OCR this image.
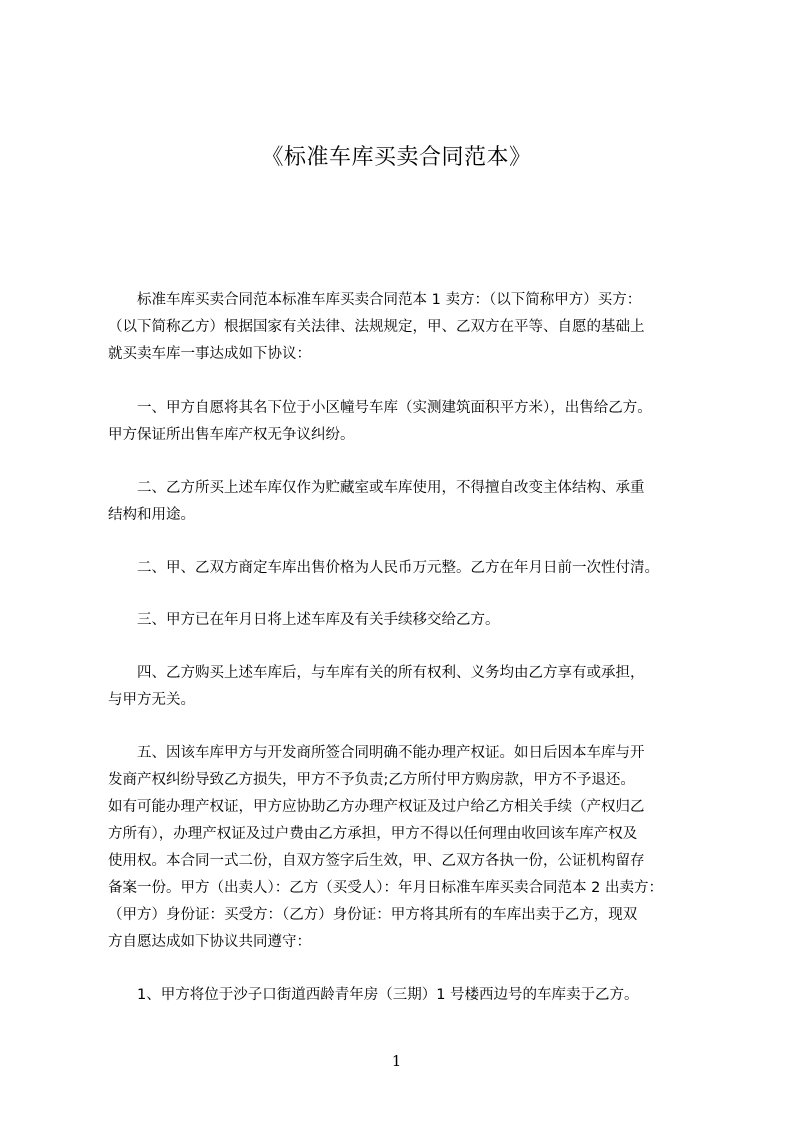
《标准车库买卖合同范本》
　　标准车库买卖合同范本标准车库买卖合同范本 1 卖方：（以下简称甲方）买方：
（以下简称乙方）根据国家有关法律、法规规定，甲、乙双方在平等、自愿的基础上
就买卖车库一事达成如下协议：
　　一、甲方自愿将其名下位于小区幢号车库（实测建筑面积平方米），出售给乙方。
甲方保证所出售车库产权无争议纠纷。
　　二、乙方所买上述车库仅作为贮藏室或车库使用，不得擅自改变主体结构、承重
结构和用途。
　　二、甲、乙双方商定车库出售价格为人民币万元整。乙方在年月日前一次性付清。
　　三、甲方已在年月日将上述车库及有关手续移交给乙方。
　　四、乙方购买上述车库后，与车库有关的所有权利、义务均由乙方享有或承担，
与甲方无关。
　　五、因该车库甲方与开发商所签合同明确不能办理产权证。如日后因本车库与开
发商产权纠纷导致乙方损失，甲方不予负责;乙方所付甲方购房款，甲方不予退还。
如有可能办理产权证，甲方应协助乙方办理产权证及过户给乙方相关手续（产权归乙
方所有），办理产权证及过户费由乙方承担，甲方不得以任何理由收回该车库产权及
使用权。本合同一式二份，自双方签字后生效，甲、乙双方各执一份，公证机构留存
备案一份。甲方（出卖人）：乙方（买受人）：年月日标准车库买卖合同范本 2 出卖方：
（甲方）身份证：买受方：（乙方）身份证：甲方将其所有的车库出卖于乙方，现双
方自愿达成如下协议共同遵守：
　　1、甲方将位于沙子口街道西龄青年房（三期）1 号楼西边号的车库卖于乙方。
1
